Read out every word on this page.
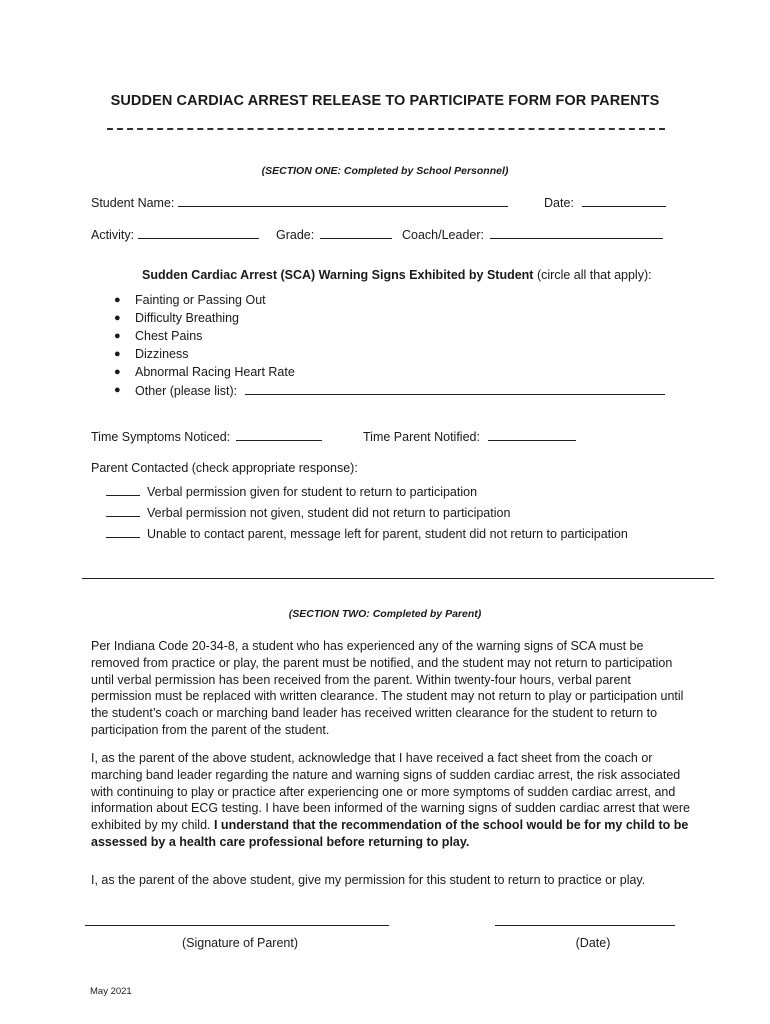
SUDDEN CARDIAC ARREST RELEASE TO PARTICIPATE FORM FOR PARENTS
(SECTION ONE: Completed by School Personnel)
Student Name:	Date:
Activity:	Grade:	Coach/Leader:
Sudden Cardiac Arrest (SCA) Warning Signs Exhibited by Student (circle all that apply):
● Fainting or Passing Out
● Difficulty Breathing
● Chest Pains
● Dizziness
● Abnormal Racing Heart Rate
● Other (please list):
Time Symptoms Noticed:	Time Parent Notified:
Parent Contacted (check appropriate response):
Verbal permission given for student to return to participation
Verbal permission not given, student did not return to participation
Unable to contact parent, message left for parent, student did not return to participation
(SECTION TWO: Completed by Parent)
Per Indiana Code 20-34-8, a student who has experienced any of the warning signs of SCA must be removed from practice or play, the parent must be notified, and the student may not return to participation until verbal permission has been received from the parent. Within twenty-four hours, verbal parent permission must be replaced with written clearance. The student may not return to play or participation until the student’s coach or marching band leader has received written clearance for the student to return to participation from the parent of the student.
I, as the parent of the above student, acknowledge that I have received a fact sheet from the coach or marching band leader regarding the nature and warning signs of sudden cardiac arrest, the risk associated with continuing to play or practice after experiencing one or more symptoms of sudden cardiac arrest, and information about ECG testing. I have been informed of the warning signs of sudden cardiac arrest that were exhibited by my child. I understand that the recommendation of the school would be for my child to be assessed by a health care professional before returning to play.
I, as the parent of the above student, give my permission for this student to return to practice or play.
(Signature of Parent)	(Date)
May 2021
